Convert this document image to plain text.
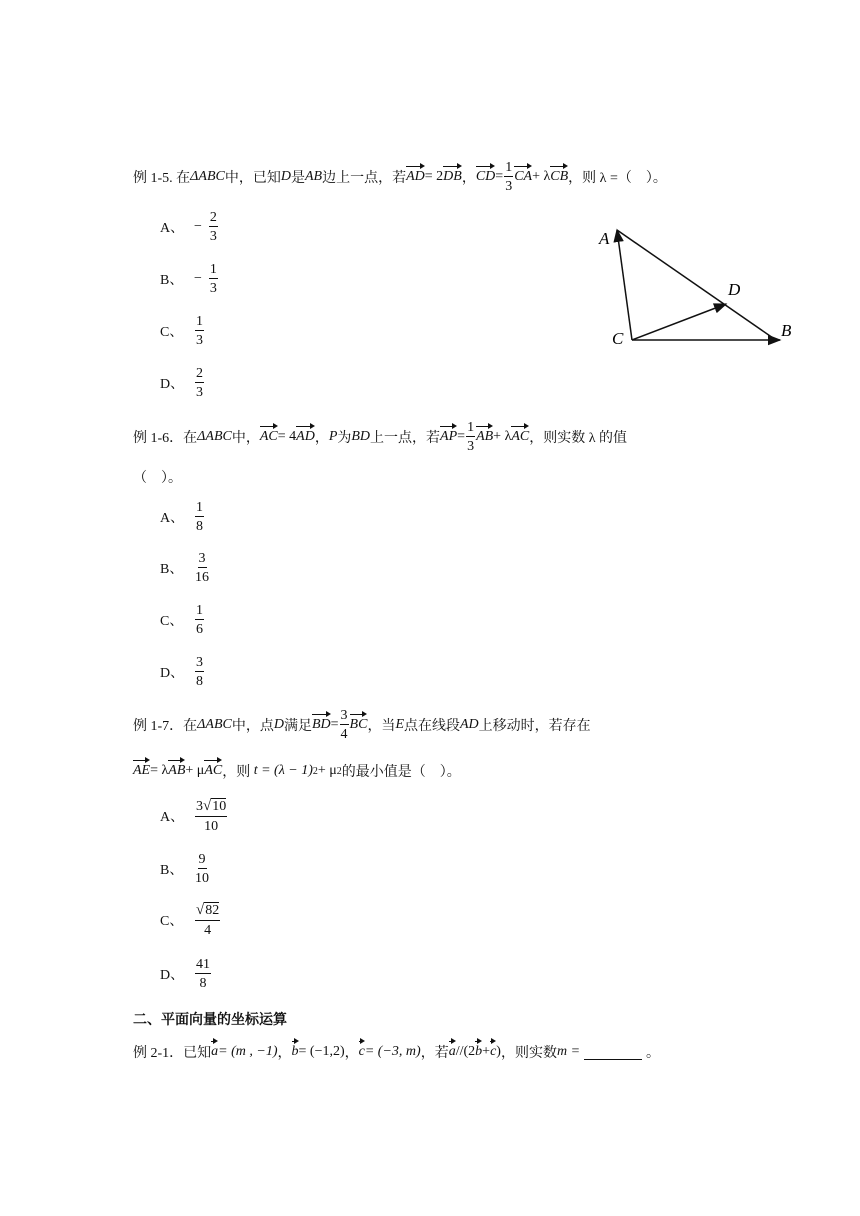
例 1-5.
在 ΔABC 中，已知 D 是 AB 边上一点，若 AD = 2 DB ， CD = $\frac{1}{3}$ CA + λ CB ，则 λ =（　）。
A、 − $\frac{2}{3}$
B、 − $\frac{1}{3}$
C、 $\frac{1}{3}$
D、 $\frac{2}{3}$
A
D
C	B
例 1-6． 在 ΔABC 中， AC = 4 AD ， P 为 BD 上一点，若 AP = $\frac{1}{3}$ AB + λ AC ，则实数 λ 的值
（　）。
A、 $\frac{1}{8}$
B、 $\frac{3}{16}$
C、 $\frac{1}{6}$
D、 $\frac{3}{8}$
例 1-7． 在 ΔABC 中，点 D 满足 BD = $\frac{3}{4}$ BC ，当 E 点在线段 AD 上移动时，若存在
AE = λ AB + μ AC ，则
t = (λ − 1) 2 + μ 2 的最小值是（　）。
A、 $\frac{3 √ 10}{10}$
B、 $\frac{9}{10}$
C、 $\frac{√ 82}{4}$
D、 $\frac{41}{8}$
二、平面向量的坐标运算
例 2-1．已知 a = (m , −1) ， b = (−1,2) ， c = (−3, m) ，若 a //(2 b + c ) ，则实数 m =	。
